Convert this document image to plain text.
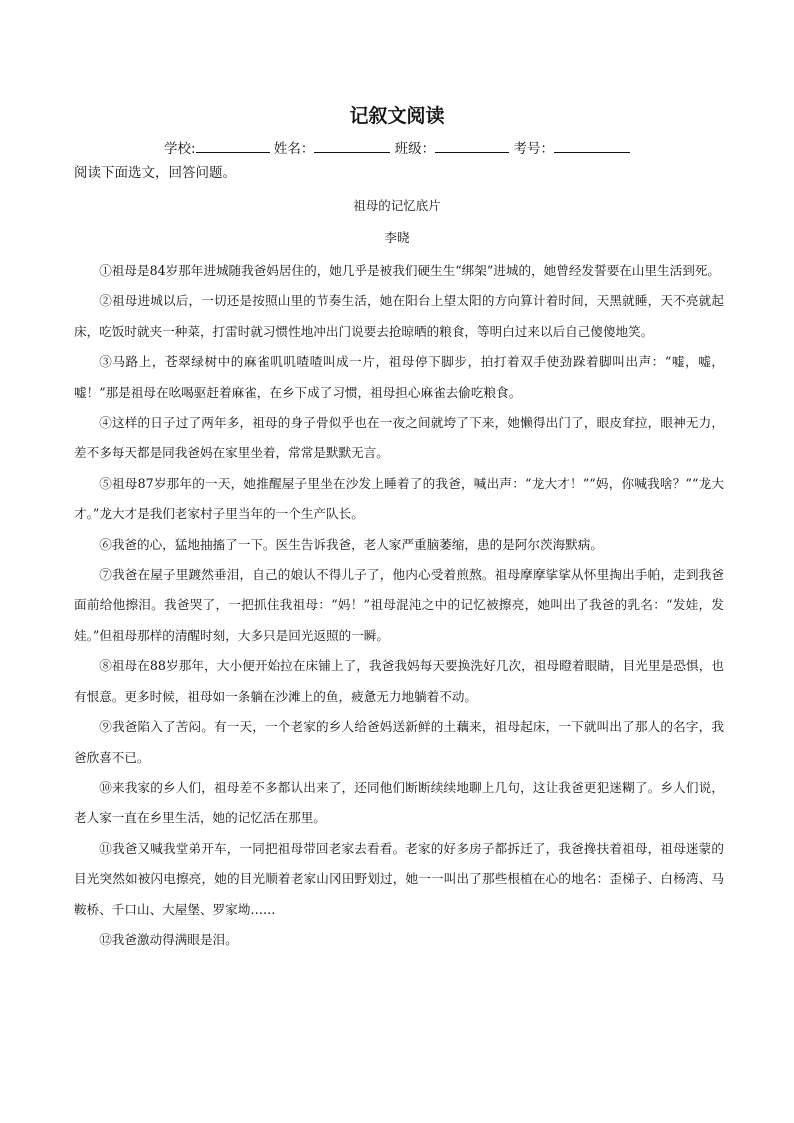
记叙文阅读
学校:	姓名：	班级：	考号：

阅读下面选文，回答问题。

祖母的记忆底片

李晓

①祖母是84岁那年进城随我爸妈居住的，她几乎是被我们硬生生“绑架”进城的，她曾经发誓要在山里生活到死。

②祖母进城以后，一切还是按照山里的节奏生活，她在阳台上望太阳的方向算计着时间，天黑就睡，天不亮就起床，吃饭时就夹一种菜，打雷时就习惯性地冲出门说要去抢晾晒的粮食，等明白过来以后自己傻傻地笑。

③马路上，苍翠绿树中的麻雀叽叽喳喳叫成一片，祖母停下脚步，拍打着双手使劲跺着脚叫出声：“嘘，嘘，嘘！”那是祖母在吆喝驱赶着麻雀，在乡下成了习惯，祖母担心麻雀去偷吃粮食。

④这样的日子过了两年多，祖母的身子骨似乎也在一夜之间就垮了下来，她懒得出门了，眼皮耷拉，眼神无力，差不多每天都是同我爸妈在家里坐着，常常是默默无言。

⑤祖母87岁那年的一天，她推醒屋子里坐在沙发上睡着了的我爸，喊出声：“龙大才！”“妈，你喊我啥？”“龙大才。”龙大才是我们老家村子里当年的一个生产队长。

⑥我爸的心，猛地抽搐了一下。医生告诉我爸，老人家严重脑萎缩，患的是阿尔茨海默病。

⑦我爸在屋子里踱然垂泪，自己的娘认不得儿子了，他内心受着煎熬。祖母摩摩挲挲从怀里掏出手帕，走到我爸面前给他擦泪。我爸哭了，一把抓住我祖母：“妈！”祖母混沌之中的记忆被擦亮，她叫出了我爸的乳名：“发娃，发娃。”但祖母那样的清醒时刻，大多只是回光返照的一瞬。

⑧祖母在88岁那年，大小便开始拉在床铺上了，我爸我妈每天要换洗好几次，祖母瞪着眼睛，目光里是恐惧，也有恨意。更多时候，祖母如一条躺在沙滩上的鱼，疲惫无力地躺着不动。

⑨我爸陷入了苦闷。有一天，一个老家的乡人给爸妈送新鲜的土藕来，祖母起床，一下就叫出了那人的名字，我爸欣喜不已。

⑩来我家的乡人们，祖母差不多都认出来了，还同他们断断续续地聊上几句，这让我爸更犯迷糊了。乡人们说，老人家一直在乡里生活，她的记忆活在那里。

⑪我爸又喊我堂弟开车，一同把祖母带回老家去看看。老家的好多房子都拆迁了，我爸搀扶着祖母，祖母迷蒙的目光突然如被闪电擦亮，她的目光顺着老家山冈田野划过，她一一叫出了那些根植在心的地名：歪梯子、白杨湾、马鞍桥、千口山、大屋堡、罗家坳……

⑫我爸激动得满眼是泪。
